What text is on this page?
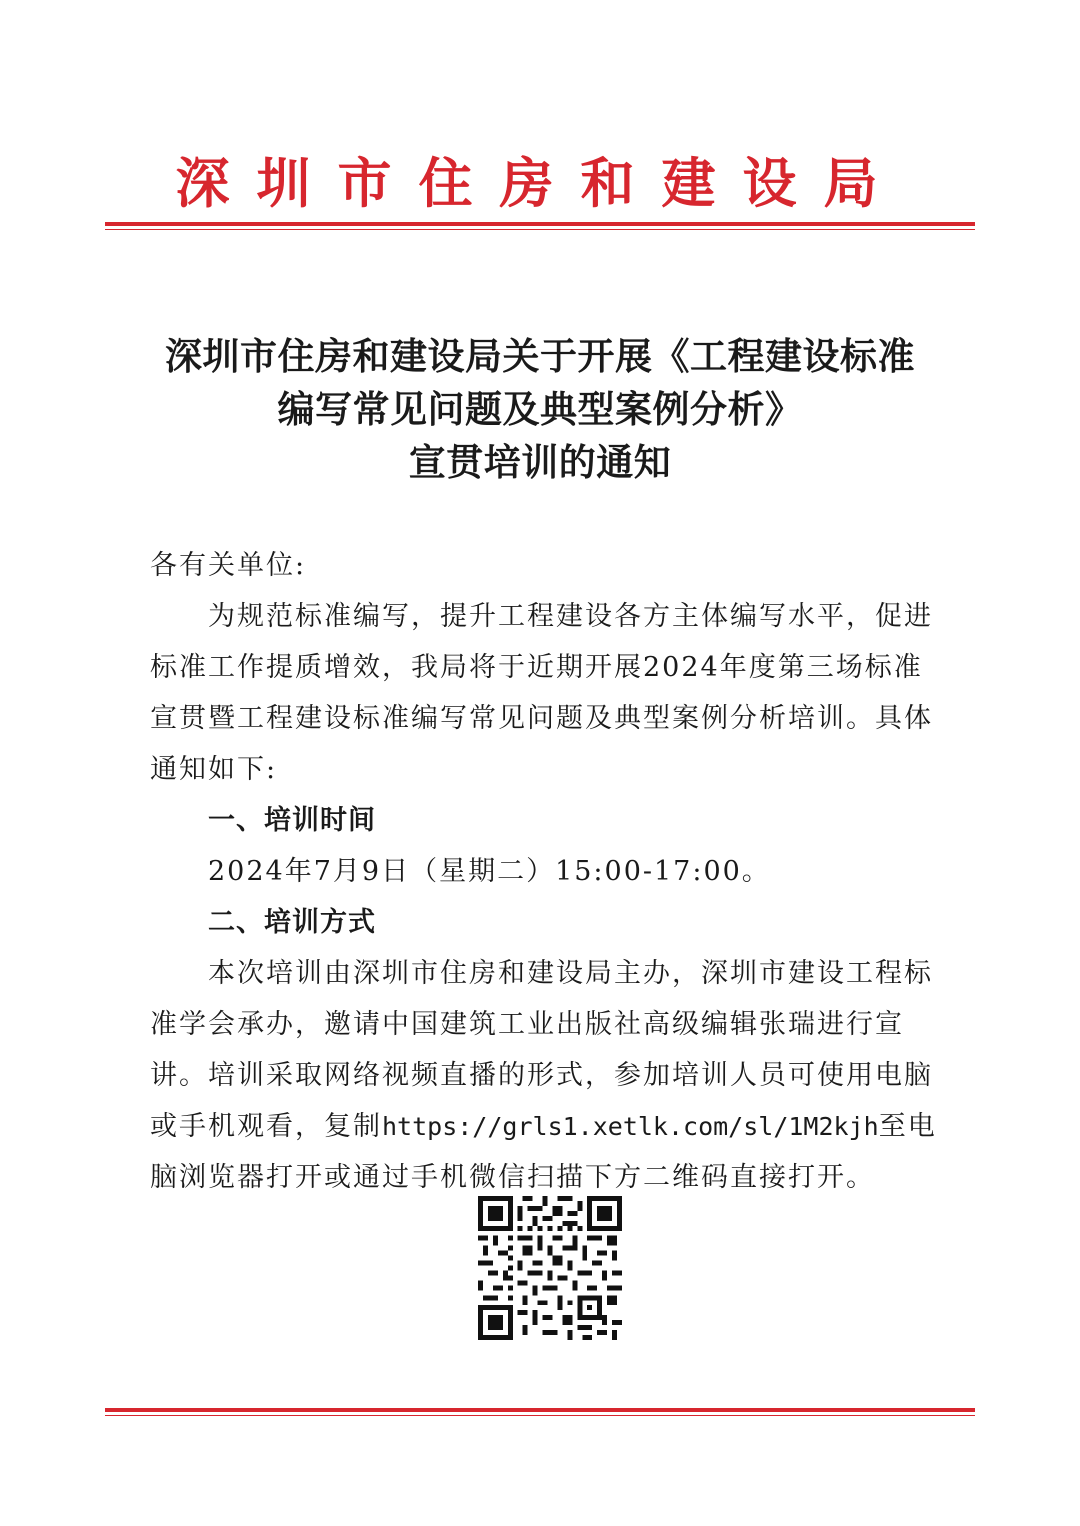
深圳市住房和建设局
深圳市住房和建设局关于开展《工程建设标准
编写常见问题及典型案例分析》
宣贯培训的通知

各有关单位:

为规范标准编写，提升工程建设各方主体编写水平，促进标准工作提质增效，我局将于近期开展2024年度第三场标准宣贯暨工程建设标准编写常见问题及典型案例分析培训。具体通知如下:

一、培训时间

2024年7月9日（星期二）15:00-17:00。

二、培训方式

本次培训由深圳市住房和建设局主办，深圳市建设工程标准学会承办，邀请中国建筑工业出版社高级编辑张瑞进行宣讲。培训采取网络视频直播的形式，参加培训人员可使用电脑或手机观看，复制https://grls1.xetlk.com/sl/1M2kjh至电脑浏览器打开或通过手机微信扫描下方二维码直接打开。
